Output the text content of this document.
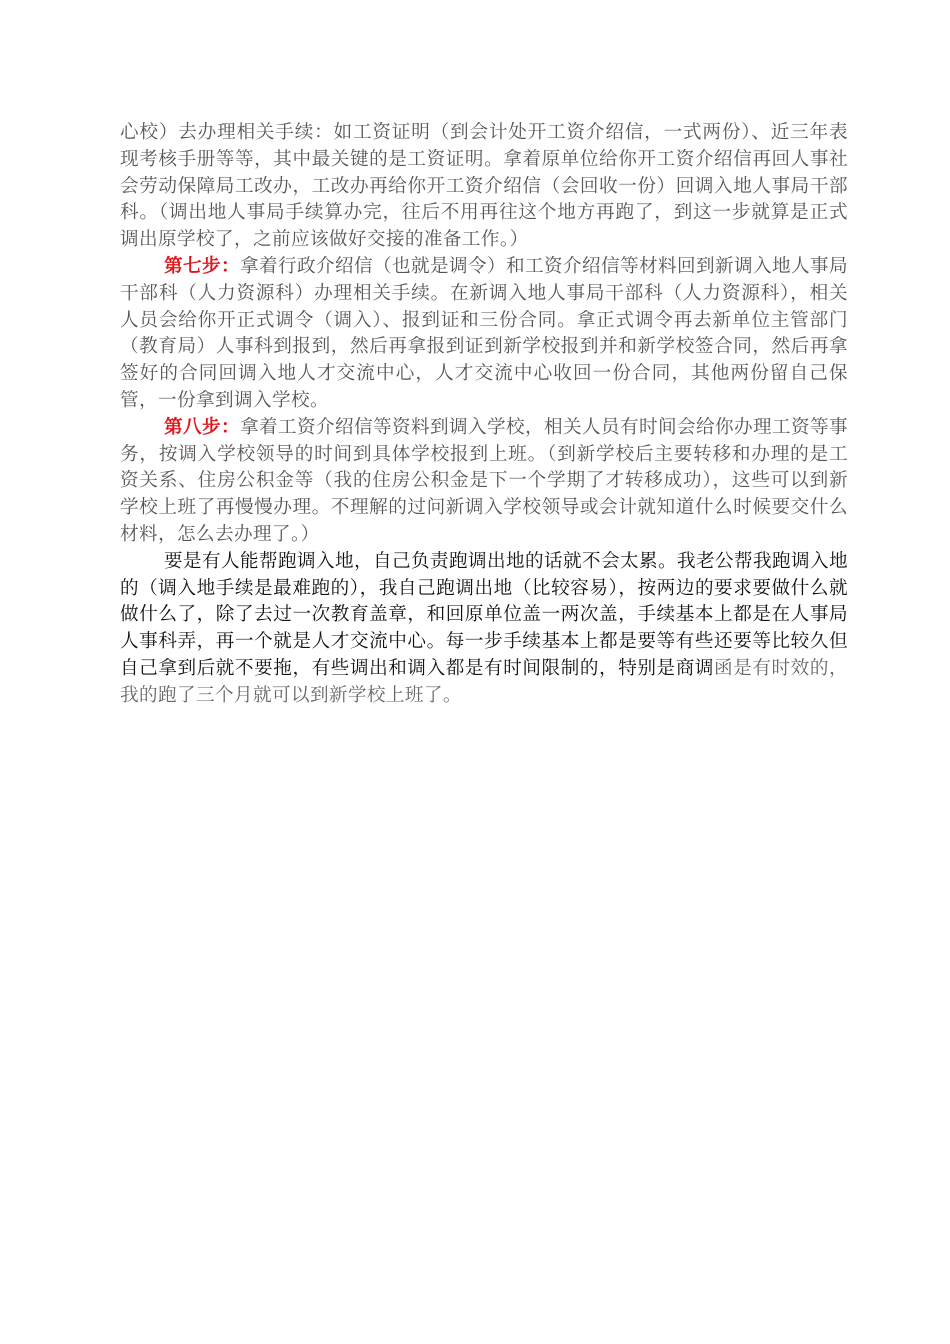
心校）去办理相关手续：如工资证明（到会计处开工资介绍信，一式两份）、近三年表现考核手册等等，其中最关键的是工资证明。拿着原单位给你开工资介绍信再回人事社会劳动保障局工改办，工改办再给你开工资介绍信（会回收一份）回调入地人事局干部科。（调出地人事局手续算办完，往后不用再往这个地方再跑了，到这一步就算是正式调出原学校了，之前应该做好交接的准备工作。）

第七步：拿着行政介绍信（也就是调令）和工资介绍信等材料回到新调入地人事局干部科（人力资源科）办理相关手续。在新调入地人事局干部科（人力资源科），相关人员会给你开正式调令（调入）、报到证和三份合同。拿正式调令再去新单位主管部门（教育局）人事科到报到，然后再拿报到证到新学校报到并和新学校签合同，然后再拿签好的合同回调入地人才交流中心，人才交流中心收回一份合同，其他两份留自己保管，一份拿到调入学校。

第八步：拿着工资介绍信等资料到调入学校，相关人员有时间会给你办理工资等事务，按调入学校领导的时间到具体学校报到上班。（到新学校后主要转移和办理的是工资关系、住房公积金等（我的住房公积金是下一个学期了才转移成功），这些可以到新学校上班了再慢慢办理。不理解的过问新调入学校领导或会计就知道什么时候要交什么材料，怎么去办理了。）

要是有人能帮跑调入地，自己负责跑调出地的话就不会太累。我老公帮我跑调入地的（调入地手续是最难跑的），我自己跑调出地（比较容易），按两边的要求要做什么就做什么了，除了去过一次教育盖章，和回原单位盖一两次盖，手续基本上都是在人事局人事科弄，再一个就是人才交流中心。每一步手续基本上都是要等有些还要等比较久但自己拿到后就不要拖，有些调出和调入都是有时间限制的，特别是商调函是有时效的，我的跑了三个月就可以到新学校上班了。
